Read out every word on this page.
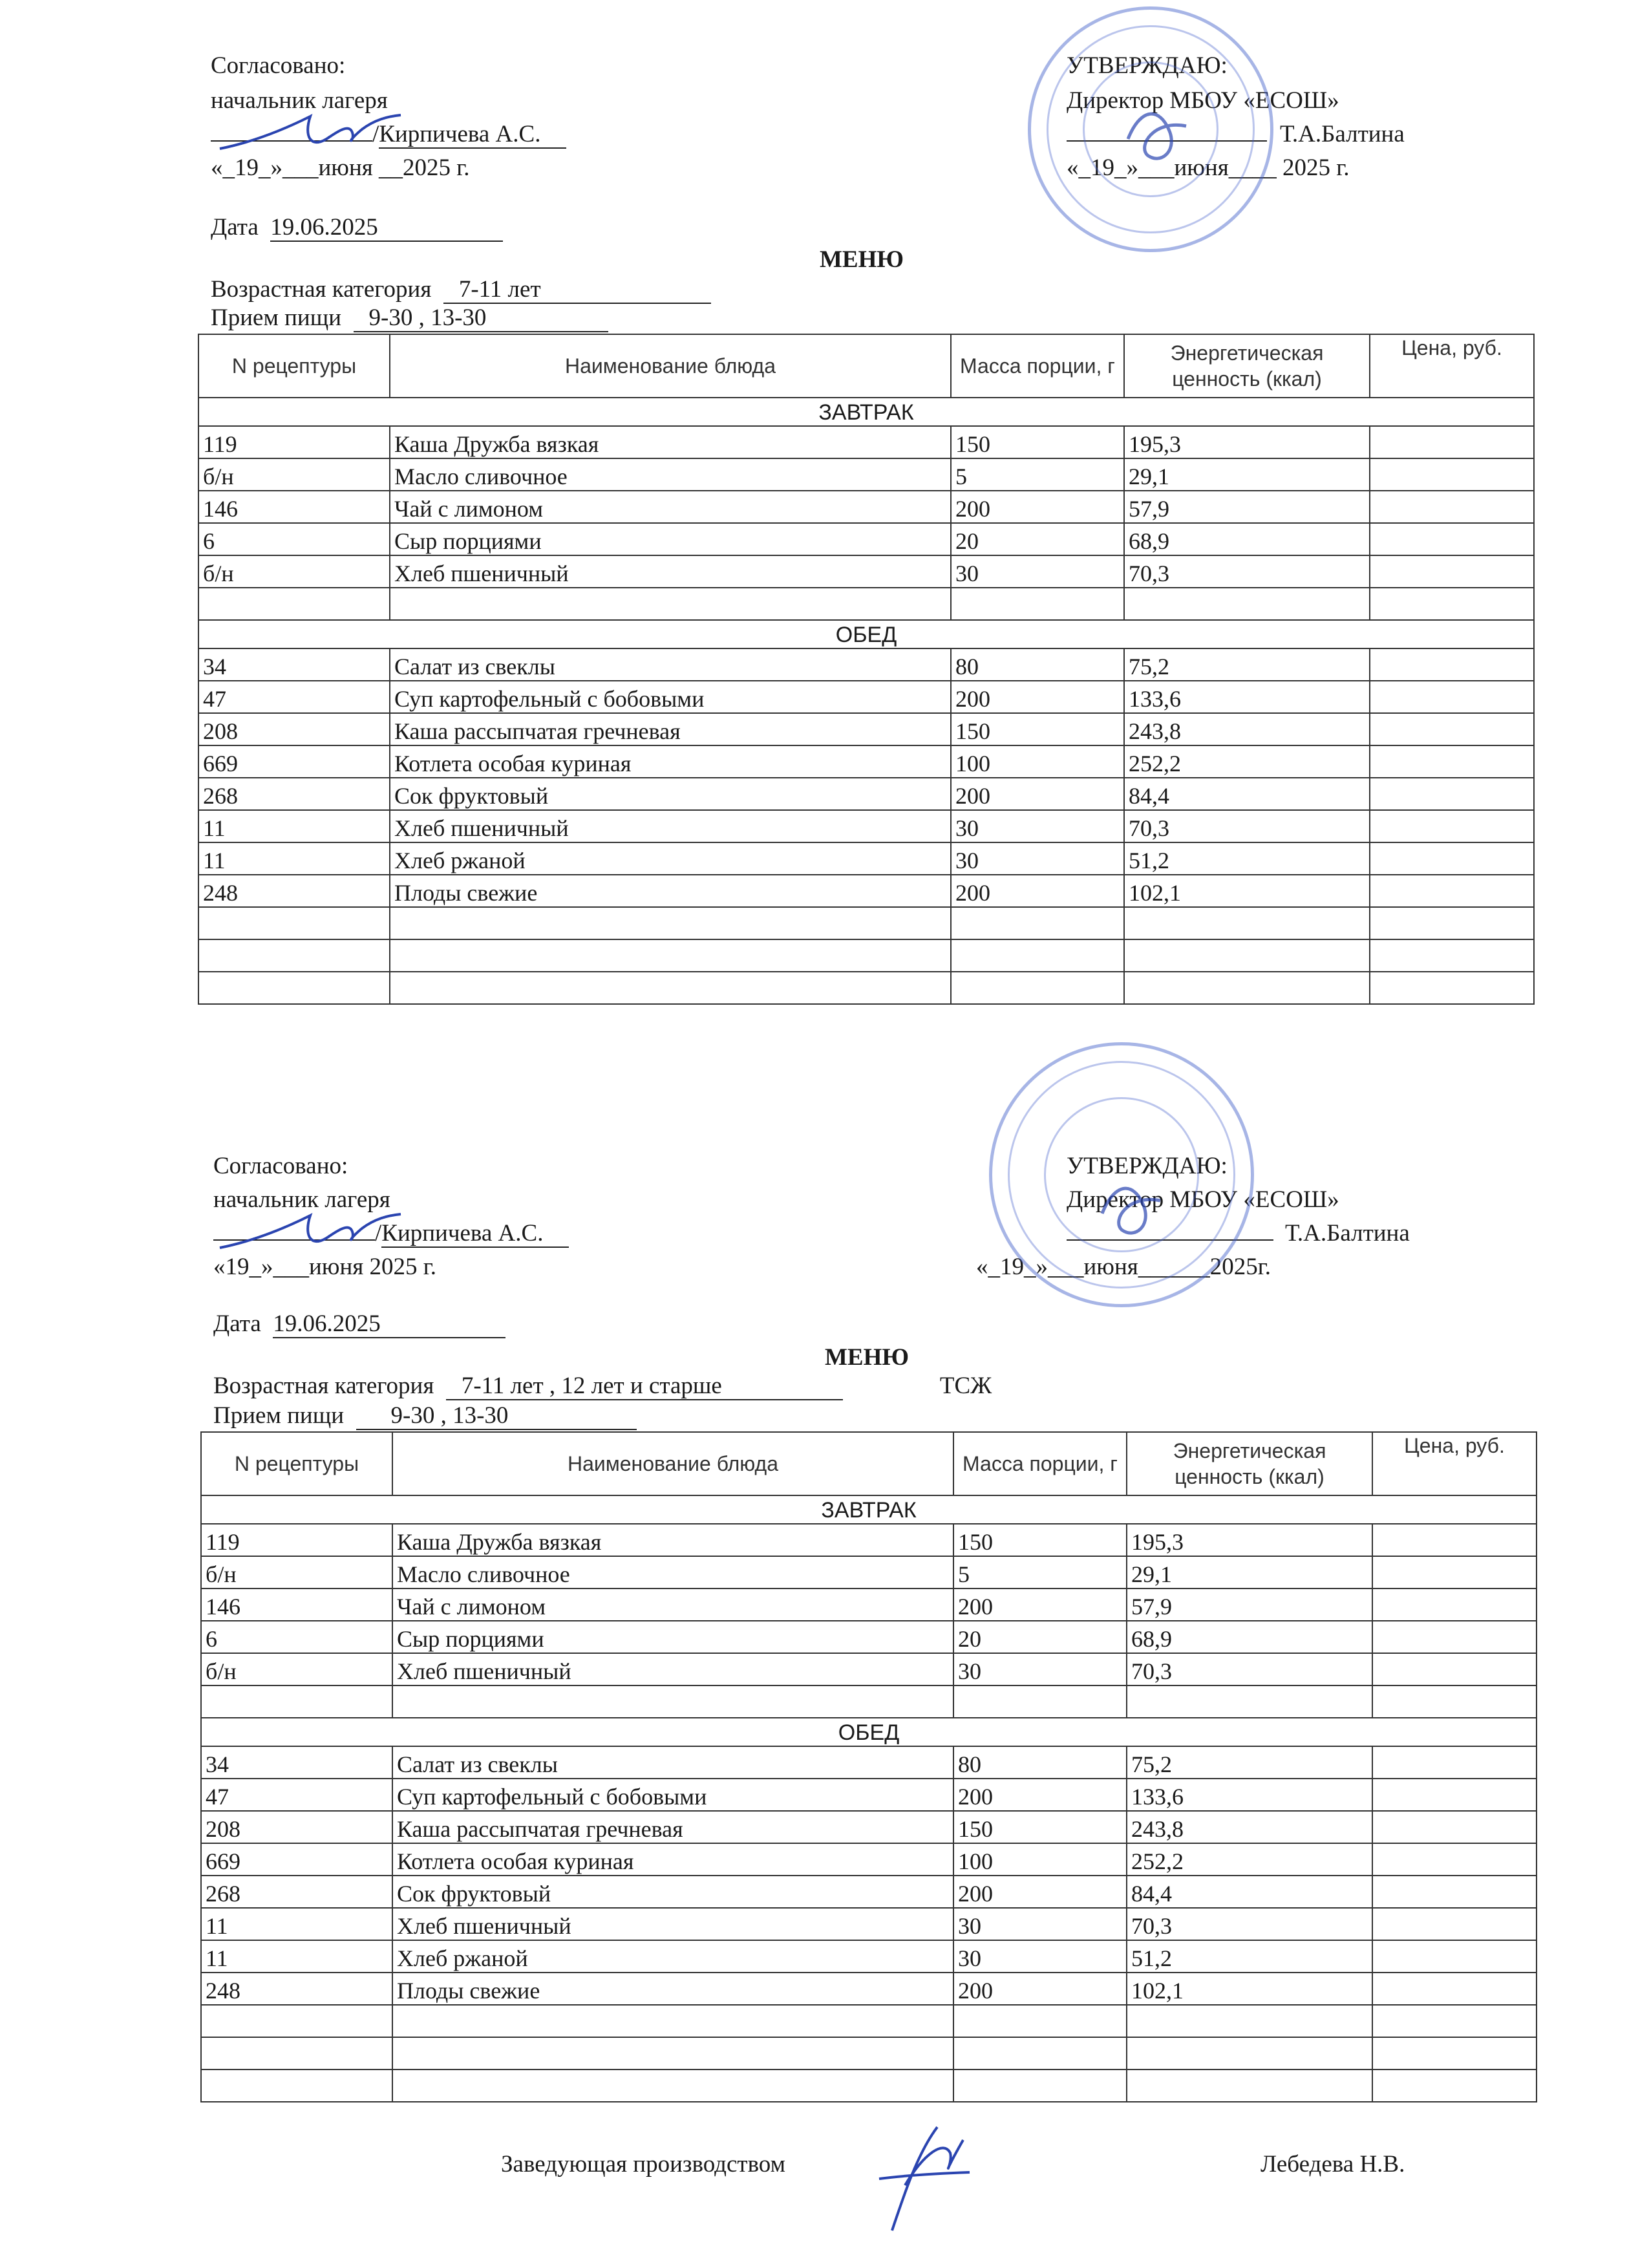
Согласовано:
начальник лагеря
/Кирпичева А.С.
«_19_»___июня __2025 г.
УТВЕРЖДАЮ:
Директор МБОУ «ЕСОШ»
Т.А.Балтина
«_19_»___июня____ 2025 г.
Дата 19.06.2025
МЕНЮ
Возрастная категория 7-11 лет
Прием пищи 9-30 , 13-30
N рецептуры	Наименование блюда	Масса порции, г	Энергетическая ценность (ккал)	Цена, руб.
ЗАВТРАК				
119	Каша Дружба вязкая	150	195,3	
б/н	Масло сливочное	5	29,1	
146	Чай с лимоном	200	57,9	
6	Сыр порциями	20	68,9	
б/н	Хлеб пшеничный	30	70,3	

ОБЕД				
34	Салат из свеклы	80	75,2	
47	Суп картофельный с бобовыми	200	133,6	
208	Каша рассыпчатая гречневая	150	243,8	
669	Котлета особая куриная	100	252,2	
268	Сок фруктовый	200	84,4	
11	Хлеб пшеничный	30	70,3	
11	Хлеб ржаной	30	51,2	
248	Плоды свежие	200	102,1	

Согласовано:
начальник лагеря
/Кирпичева А.С.
«19_»___июня 2025 г.
УТВЕРЖДАЮ:
Директор МБОУ «ЕСОШ»
Т.А.Балтина
«_19_»___июня______2025г.
Дата 19.06.2025
МЕНЮ
Возрастная категория 7-11 лет , 12 лет и старше	ТСЖ
Прием пищи 9-30 , 13-30
N рецептуры	Наименование блюда	Масса порции, г	Энергетическая ценность (ккал)	Цена, руб.
ЗАВТРАК				
119	Каша Дружба вязкая	150	195,3	
б/н	Масло сливочное	5	29,1	
146	Чай с лимоном	200	57,9	
6	Сыр порциями	20	68,9	
б/н	Хлеб пшеничный	30	70,3	

ОБЕД				
34	Салат из свеклы	80	75,2	
47	Суп картофельный с бобовыми	200	133,6	
208	Каша рассыпчатая гречневая	150	243,8	
669	Котлета особая куриная	100	252,2	
268	Сок фруктовый	200	84,4	
11	Хлеб пшеничный	30	70,3	
11	Хлеб ржаной	30	51,2	
248	Плоды свежие	200	102,1	

Заведующая производством	Лебедева Н.В.
